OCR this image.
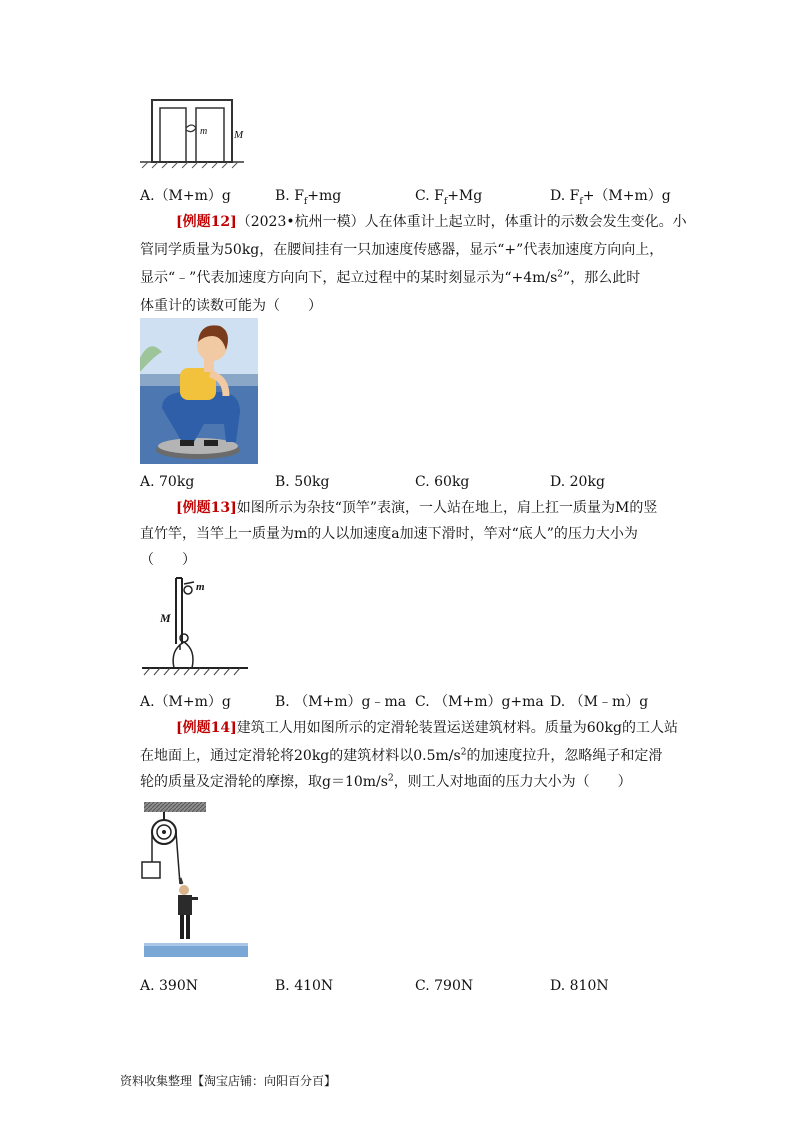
m M
A.（M+m）g	B. $F_f+mg$	C. $F_f+Mg$	D. $F_f+(M+m)g$
[例题12]（2023•杭州一模）人在体重计上起立时，体重计的示数会发生变化。小
管同学质量为50kg，在腰间挂有一只加速度传感器，显示“+”代表加速度方向向上，
显示“﹣”代表加速度方向向下，起立过程中的某时刻显示为“$+4m/s^2$”，那么此时
体重计的读数可能为（　　）
A. 70kg	B. 50kg	C. 60kg	D. 20kg
[例题13]如图所示为杂技“顶竿”表演，一人站在地上，肩上扛一质量为M的竖
直竹竿，当竿上一质量为m的人以加速度a加速下滑时，竿对“底人”的压力大小为
（　　）
m
M
A.（M+m）g	B. （M+m）g﹣ma C. （M+m）g+ma D. （M﹣m）g
[例题14]建筑工人用如图所示的定滑轮装置运送建筑材料。质量为60kg的工人站
在地面上，通过定滑轮将20kg的建筑材料以$0.5m/s^2$的加速度拉升，忽略绳子和定滑
轮的质量及定滑轮的摩擦，取$g=10m/s^2$，则工人对地面的压力大小为（　　）
A. 390N	B. 410N	C. 790N	D. 810N
资料收集整理【淘宝店铺：向阳百分百】
